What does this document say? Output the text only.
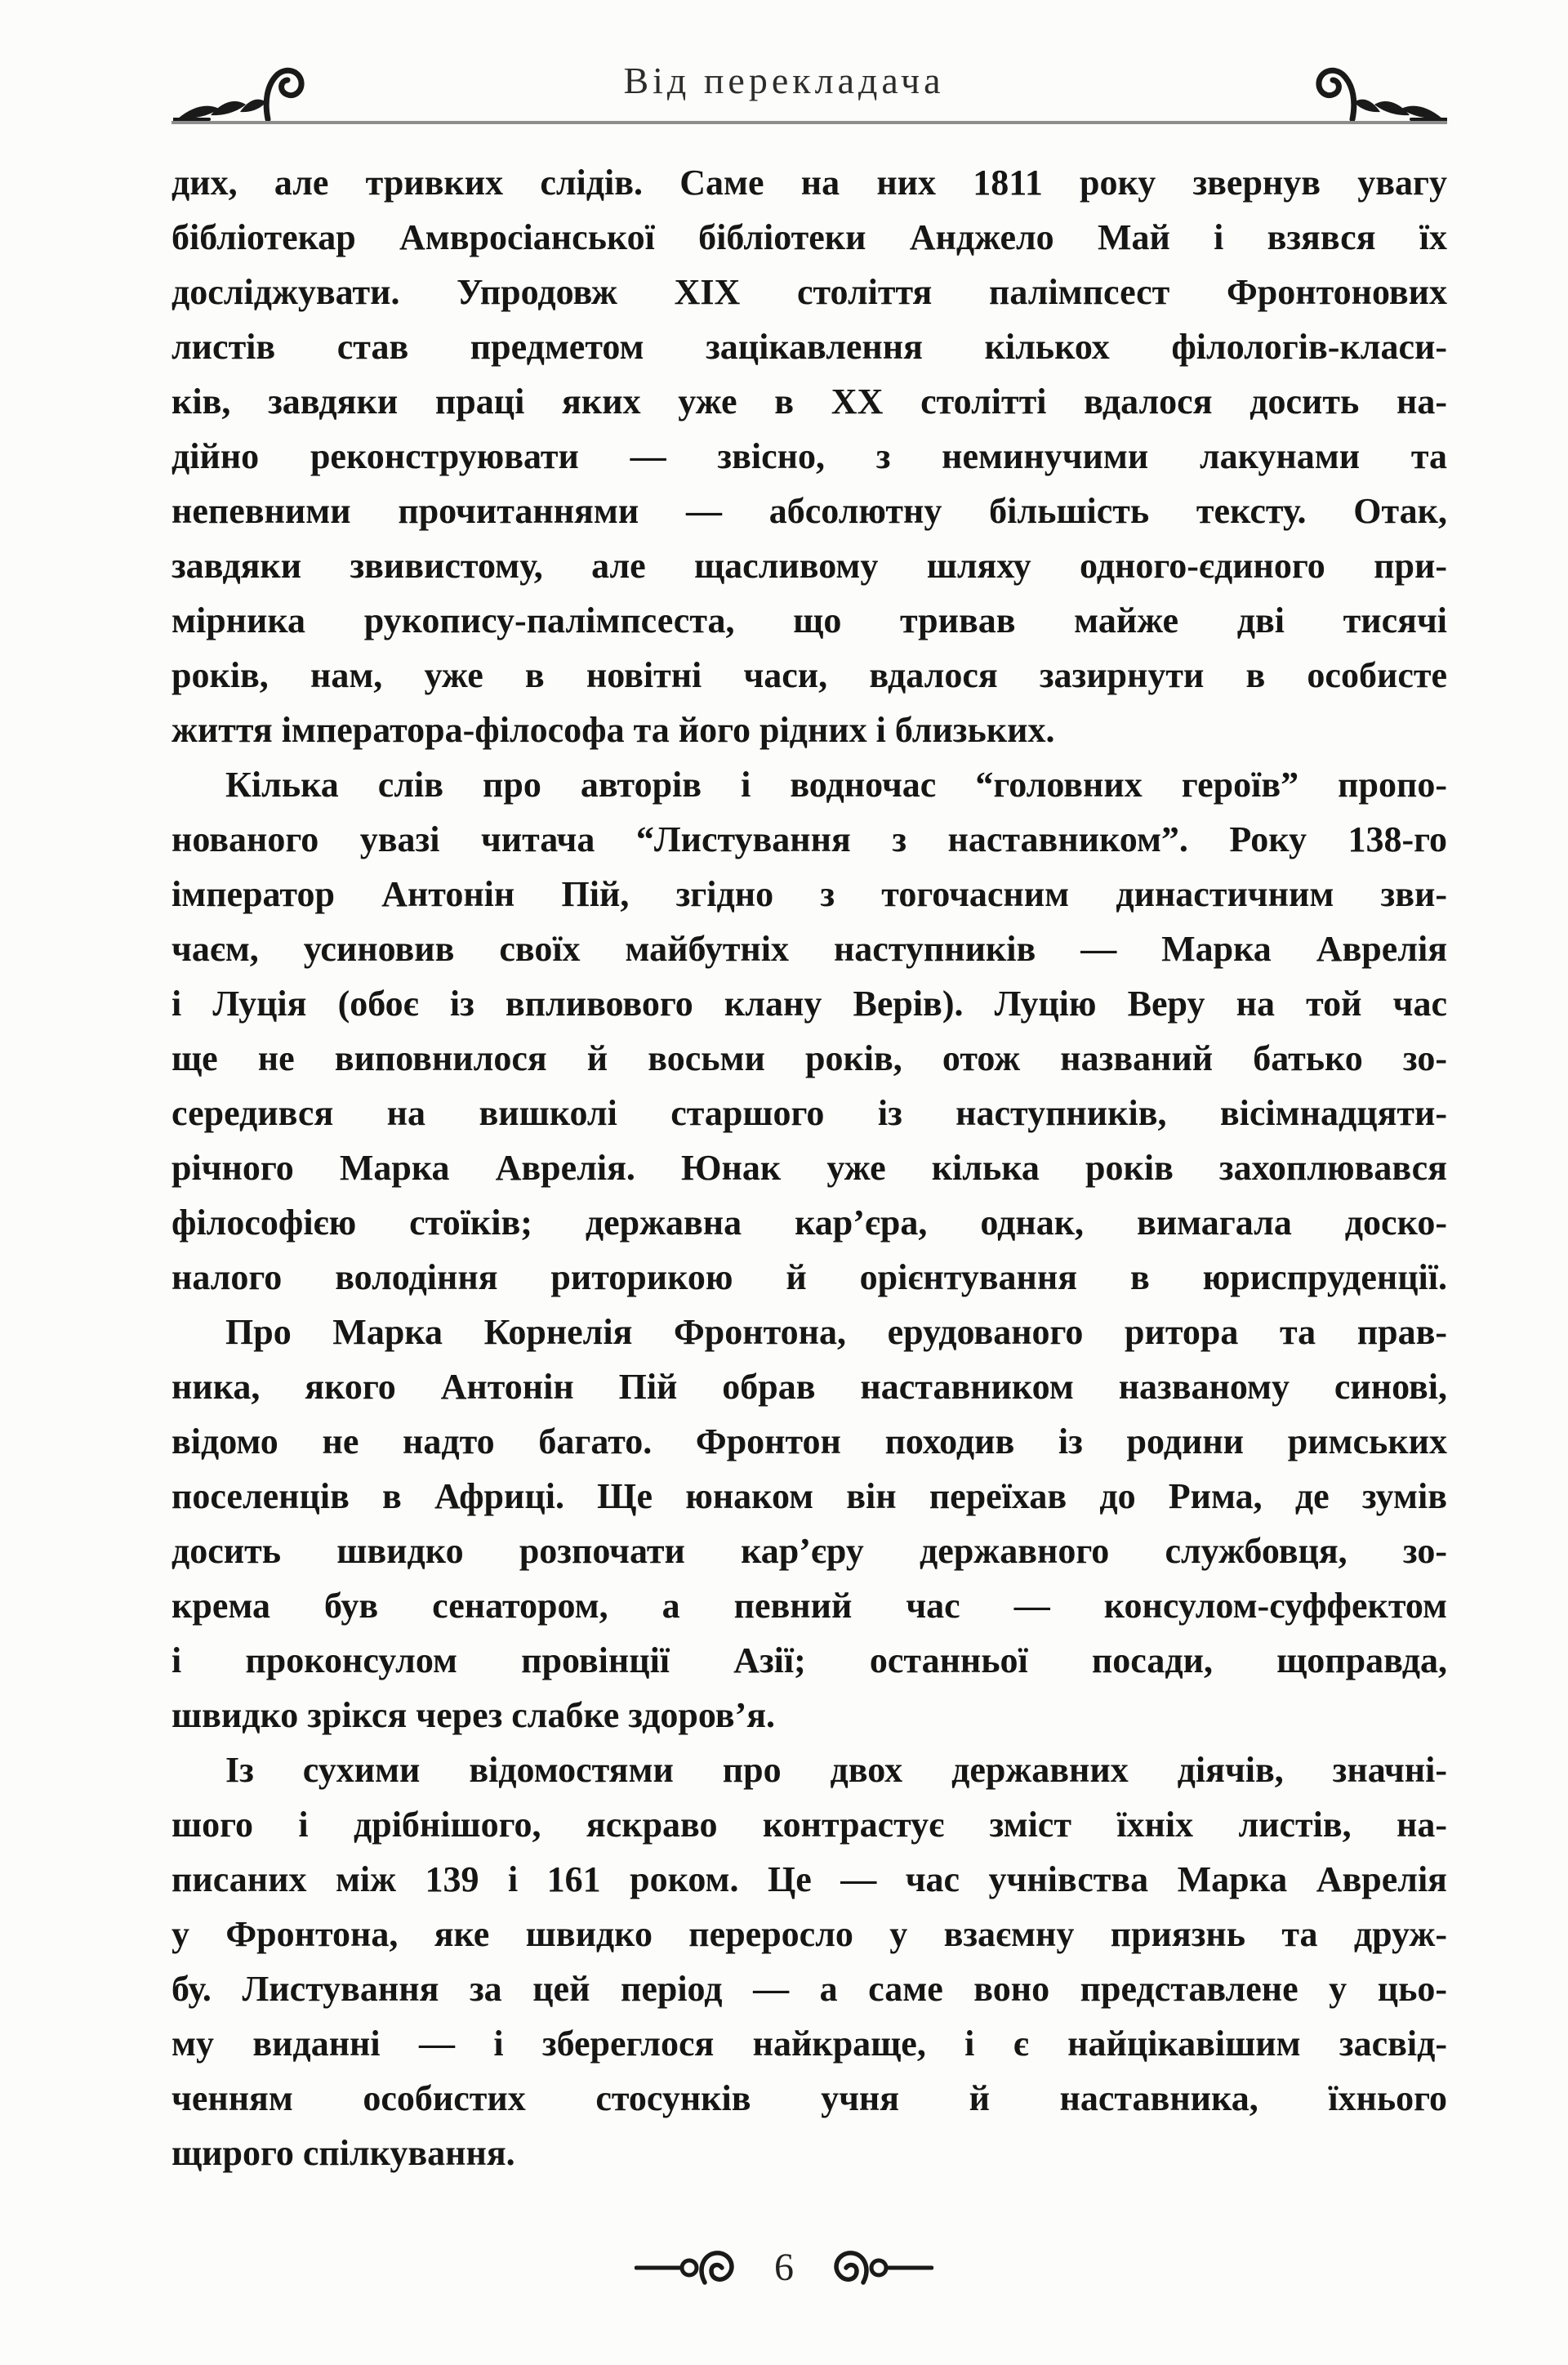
Від перекладача
дих, але тривких слідів. Саме на них 1811 року звернув увагу
бібліотекар Амвросіанської бібліотеки Анджело Май і взявся їх
досліджувати. Упродовж XIX століття палімпсест Фронтонових
листів став предметом зацікавлення кількох філологів-класи-
ків, завдяки праці яких уже в XX столітті вдалося досить на-
дійно реконструювати — звісно, з неминучими лакунами та
непевними прочитаннями — абсолютну більшість тексту. Отак,
завдяки звивистому, але щасливому шляху одного-єдиного при-
мірника рукопису-палімпсеста, що тривав майже дві тисячі
років, нам, уже в новітні часи, вдалося зазирнути в особисте
життя імператора-філософа та його рідних і близьких.
Кілька слів про авторів і водночас “головних героїв” пропо-
нованого увазі читача “Листування з наставником”. Року 138-го
імператор Антонін Пій, згідно з тогочасним династичним зви-
чаєм, усиновив своїх майбутніх наступників — Марка Аврелія
і Луція (обоє із впливового клану Верів). Луцію Веру на той час
ще не виповнилося й восьми років, отож названий батько зо-
середився на вишколі старшого із наступників, вісімнадцяти-
річного Марка Аврелія. Юнак уже кілька років захоплювався
філософією стоїків; державна кар’єра, однак, вимагала доско-
налого володіння риторикою й орієнтування в юриспруденції.
Про Марка Корнелія Фронтона, ерудованого ритора та прав-
ника, якого Антонін Пій обрав наставником названому синові,
відомо не надто багато. Фронтон походив із родини римських
поселенців в Африці. Ще юнаком він переїхав до Рима, де зумів
досить швидко розпочати кар’єру державного службовця, зо-
крема був сенатором, а певний час — консулом-суффектом
і проконсулом провінції Азії; останньої посади, щоправда,
швидко зрікся через слабке здоров’я.
Із сухими відомостями про двох державних діячів, значні-
шого і дрібнішого, яскраво контрастує зміст їхніх листів, на-
писаних між 139 і 161 роком. Це — час учнівства Марка Аврелія
у Фронтона, яке швидко переросло у взаємну приязнь та друж-
бу. Листування за цей період — а саме воно представлене у цьо-
му виданні — і збереглося найкраще, і є найцікавішим засвід-
ченням особистих стосунків учня й наставника, їхнього
щирого спілкування.
6
